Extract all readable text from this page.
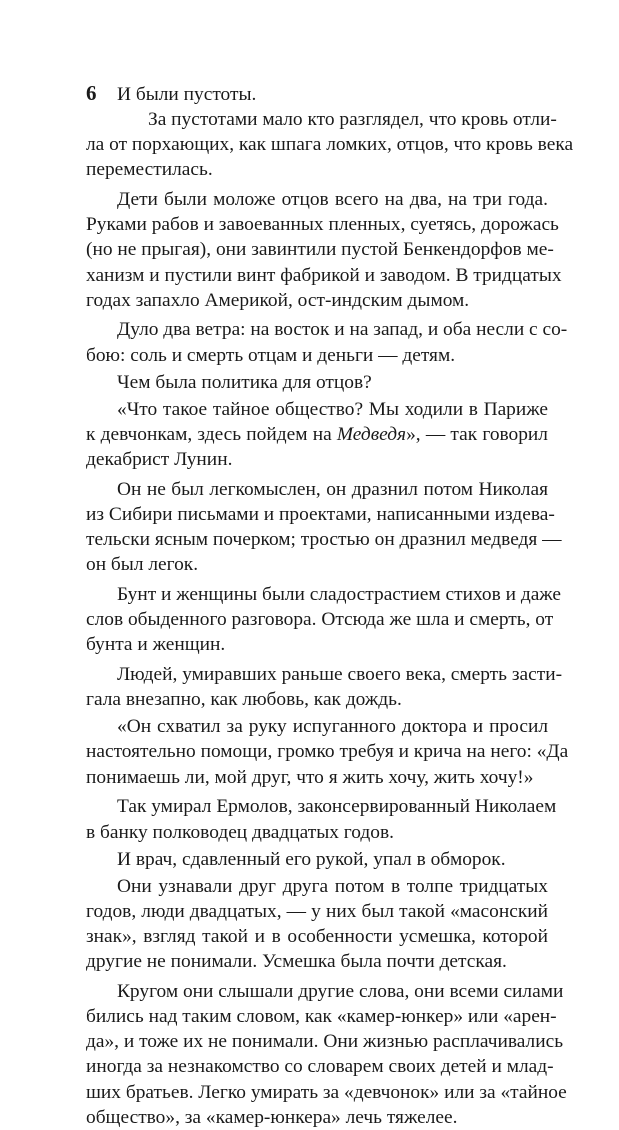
6	И были пустоты.
За пустотами мало кто разглядел, что кровь отли-
ла от порхающих, как шпага ломких, отцов, что кровь века
переместилась.
Дети были моложе отцов всего на два, на три года.
Руками рабов и завоеванных пленных, суетясь, дорожась
(но не прыгая), они завинтили пустой Бенкендорфов ме-
ханизм и пустили винт фабрикой и заводом. В тридцатых
годах запахло Америкой, ост-индским дымом.
Дуло два ветра: на восток и на запад, и оба несли с со-
бою: соль и смерть отцам и деньги — детям.
Чем была политика для отцов?
«Что такое тайное общество? Мы ходили в Париже
к девчонкам, здесь пойдем на Медведя», — так говорил
декабрист Лунин.
Он не был легкомыслен, он дразнил потом Николая
из Сибири письмами и проектами, написанными издева-
тельски ясным почерком; тростью он дразнил медведя —
он был легок.
Бунт и женщины были сладострастием стихов и даже
слов обыденного разговора. Отсюда же шла и смерть, от
бунта и женщин.
Людей, умиравших раньше своего века, смерть засти-
гала внезапно, как любовь, как дождь.
«Он схватил за руку испуганного доктора и просил
настоятельно помощи, громко требуя и крича на него: «Да
понимаешь ли, мой друг, что я жить хочу, жить хочу!»
Так умирал Ермолов, законсервированный Николаем
в банку полководец двадцатых годов.
И врач, сдавленный его рукой, упал в обморок.
Они узнавали друг друга потом в толпе тридцатых
годов, люди двадцатых, — у них был такой «масонский
знак», взгляд такой и в особенности усмешка, которой
другие не понимали. Усмешка была почти детская.
Кругом они слышали другие слова, они всеми силами
бились над таким словом, как «камер-юнкер» или «арен-
да», и тоже их не понимали. Они жизнью расплачивались
иногда за незнакомство со словарем своих детей и млад-
ших братьев. Легко умирать за «девчонок» или за «тайное
общество», за «камер-юнкера» лечь тяжелее.
